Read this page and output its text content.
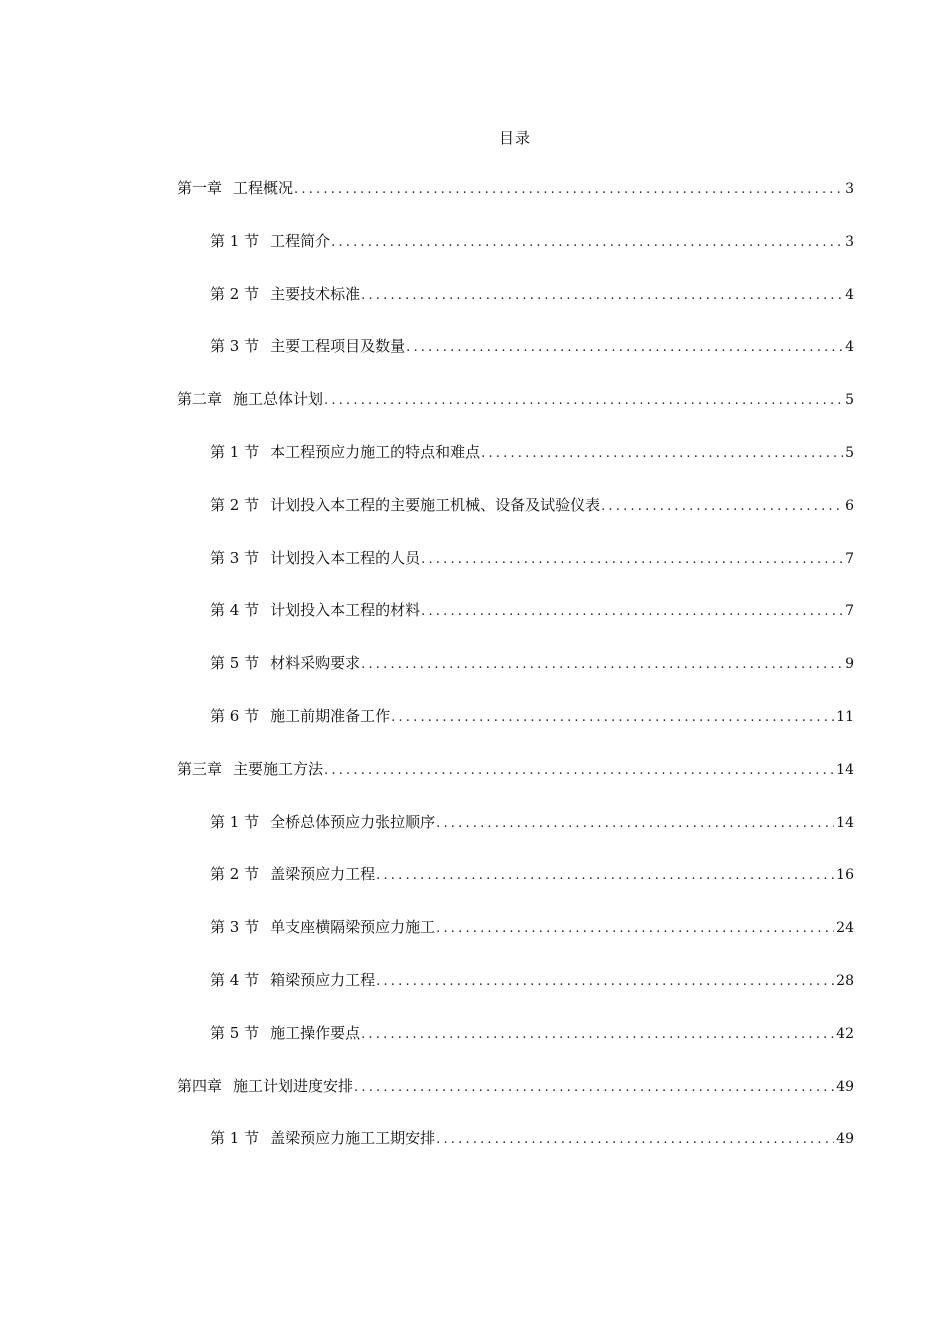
目录
第一章 工程概况 .....	3
第 1 节 工程简介 .....	3
第 2 节 主要技术标准 .....	4
第 3 节 主要工程项目及数量 .....	4
第二章 施工总体计划 .....	5
第 1 节 本工程预应力施工的特点和难点 .....	5
第 2 节 计划投入本工程的主要施工机械、设备及试验仪表 .....	6
第 3 节 计划投入本工程的人员 .....	7
第 4 节 计划投入本工程的材料 .....	7
第 5 节 材料采购要求 .....	9
第 6 节 施工前期准备工作 .....	11
第三章 主要施工方法 .....	14
第 1 节 全桥总体预应力张拉顺序 .....	14
第 2 节 盖梁预应力工程 .....	16
第 3 节 单支座横隔梁预应力施工 .....	24
第 4 节 箱梁预应力工程 .....	28
第 5 节 施工操作要点 .....	42
第四章 施工计划进度安排 .....	49
第 1 节 盖梁预应力施工工期安排 .....	49
